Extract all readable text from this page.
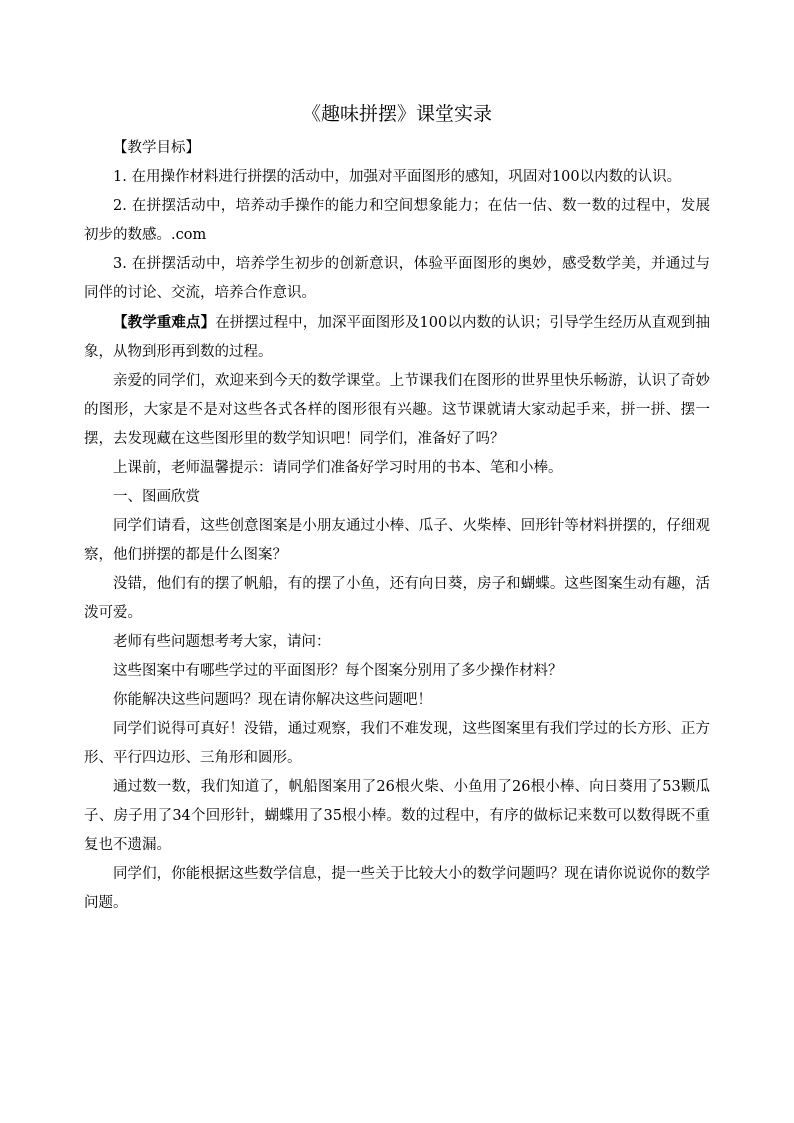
《趣味拼摆》课堂实录

【教学目标】

1. 在用操作材料进行拼摆的活动中，加强对平面图形的感知，巩固对100以内数的认识。

2. 在拼摆活动中，培养动手操作的能力和空间想象能力；在估一估、数一数的过程中，发展初步的数感。.com

3. 在拼摆活动中，培养学生初步的创新意识，体验平面图形的奥妙，感受数学美，并通过与同伴的讨论、交流，培养合作意识。

【教学重难点】在拼摆过程中，加深平面图形及100以内数的认识；引导学生经历从直观到抽象，从物到形再到数的过程。

亲爱的同学们，欢迎来到今天的数学课堂。上节课我们在图形的世界里快乐畅游，认识了奇妙的图形，大家是不是对这些各式各样的图形很有兴趣。这节课就请大家动起手来，拼一拼、摆一摆，去发现藏在这些图形里的数学知识吧！同学们，准备好了吗？

上课前，老师温馨提示：请同学们准备好学习时用的书本、笔和小棒。

一、图画欣赏

同学们请看，这些创意图案是小朋友通过小棒、瓜子、火柴棒、回形针等材料拼摆的，仔细观察，他们拼摆的都是什么图案？

没错，他们有的摆了帆船，有的摆了小鱼，还有向日葵，房子和蝴蝶。这些图案生动有趣，活泼可爱。

老师有些问题想考考大家，请问：

这些图案中有哪些学过的平面图形？每个图案分别用了多少操作材料？

你能解决这些问题吗？现在请你解决这些问题吧！

同学们说得可真好！没错，通过观察，我们不难发现，这些图案里有我们学过的长方形、正方形、平行四边形、三角形和圆形。

通过数一数，我们知道了，帆船图案用了26根火柴、小鱼用了26根小棒、向日葵用了53颗瓜子、房子用了34个回形针，蝴蝶用了35根小棒。数的过程中，有序的做标记来数可以数得既不重复也不遗漏。

同学们，你能根据这些数学信息，提一些关于比较大小的数学问题吗？现在请你说说你的数学问题。
